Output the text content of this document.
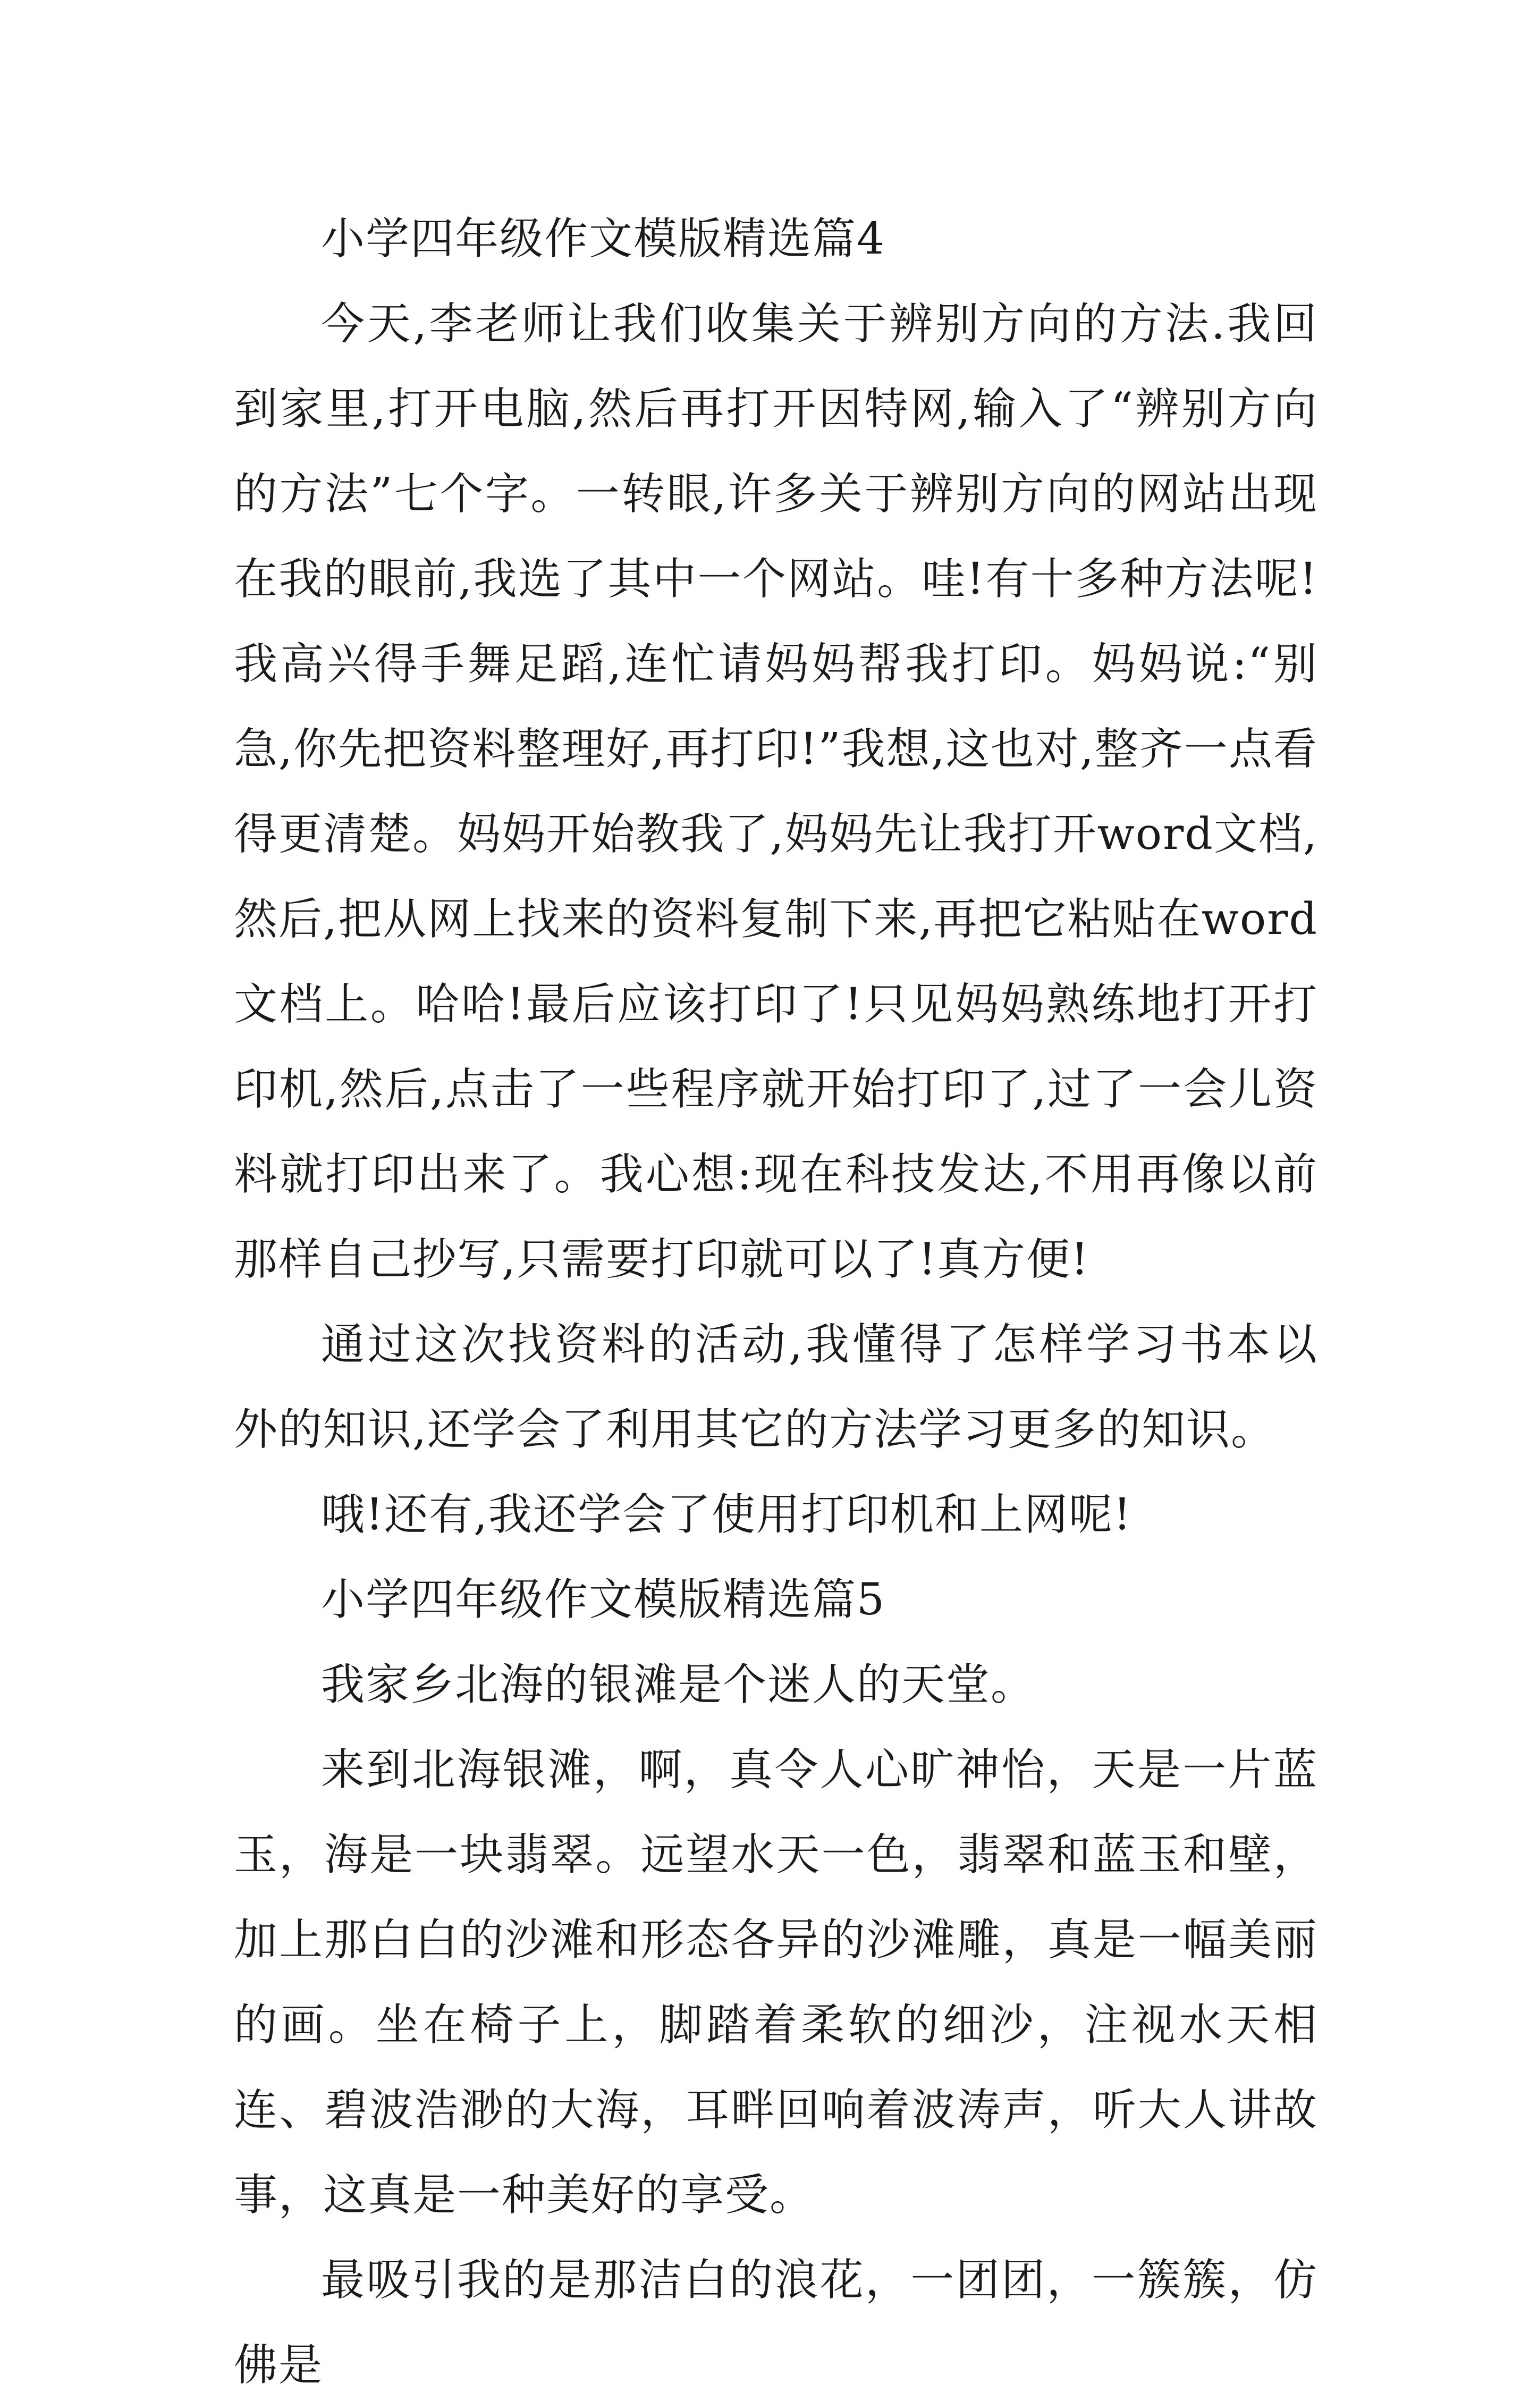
小学四年级作文模版精选篇4

今天,李老师让我们收集关于辨别方向的方法.我回到家里,打开电脑,然后再打开因特网,输入了“辨别方向的方法”七个字。一转眼,许多关于辨别方向的网站出现在我的眼前,我选了其中一个网站。哇!有十多种方法呢!我高兴得手舞足蹈,连忙请妈妈帮我打印。妈妈说:“别急,你先把资料整理好,再打印!”我想,这也对,整齐一点看得更清楚。妈妈开始教我了,妈妈先让我打开word文档,然后,把从网上找来的资料复制下来,再把它粘贴在word文档上。哈哈!最后应该打印了!只见妈妈熟练地打开打印机,然后,点击了一些程序就开始打印了,过了一会儿资料就打印出来了。我心想:现在科技发达,不用再像以前那样自己抄写,只需要打印就可以了!真方便!

通过这次找资料的活动,我懂得了怎样学习书本以外的知识,还学会了利用其它的方法学习更多的知识。

哦!还有,我还学会了使用打印机和上网呢!

小学四年级作文模版精选篇5

我家乡北海的银滩是个迷人的天堂。

来到北海银滩，啊，真令人心旷神怡，天是一片蓝玉，海是一块翡翠。远望水天一色，翡翠和蓝玉和壁，加上那白白的沙滩和形态各异的沙滩雕，真是一幅美丽的画。坐在椅子上，脚踏着柔软的细沙，注视水天相连、碧波浩渺的大海，耳畔回响着波涛声，听大人讲故事，这真是一种美好的享受。

最吸引我的是那洁白的浪花，一团团，一簇簇，仿佛是
